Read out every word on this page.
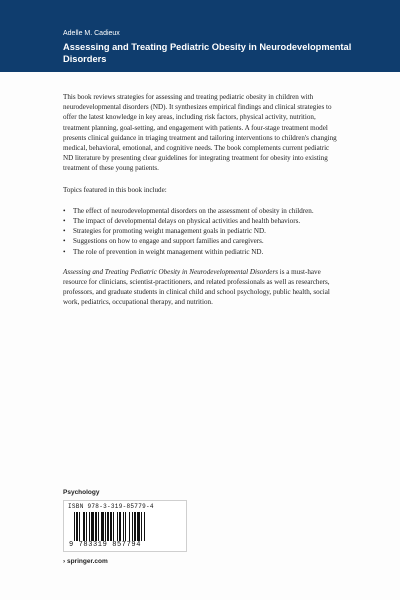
Adelle M. Cadieux
Assessing and Treating Pediatric Obesity in Neurodevelopmental Disorders

This book reviews strategies for assessing and treating pediatric obesity in children with neurodevelopmental disorders (ND). It synthesizes empirical findings and clinical strategies to offer the latest knowledge in key areas, including risk factors, physical activity, nutrition, treatment planning, goal-setting, and engagement with patients. A four-stage treatment model presents clinical guidance in triaging treatment and tailoring interventions to children's changing medical, behavioral, emotional, and cognitive needs. The book complements current pediatric ND literature by presenting clear guidelines for integrating treatment for obesity into existing treatment of these young patients.

Topics featured in this book include:

• The effect of neurodevelopmental disorders on the assessment of obesity in children.
• The impact of developmental delays on physical activities and health behaviors.
• Strategies for promoting weight management goals in pediatric ND.
• Suggestions on how to engage and support families and caregivers.
• The role of prevention in weight management within pediatric ND.

Assessing and Treating Pediatric Obesity in Neurodevelopmental Disorders is a must-have resource for clinicians, scientist-practitioners, and related professionals as well as researchers, professors, and graduate students in clinical child and school psychology, public health, social work, pediatrics, occupational therapy, and nutrition.

Psychology
ISBN 978-3-319-85779-4
9 783319 857794
› springer.com
